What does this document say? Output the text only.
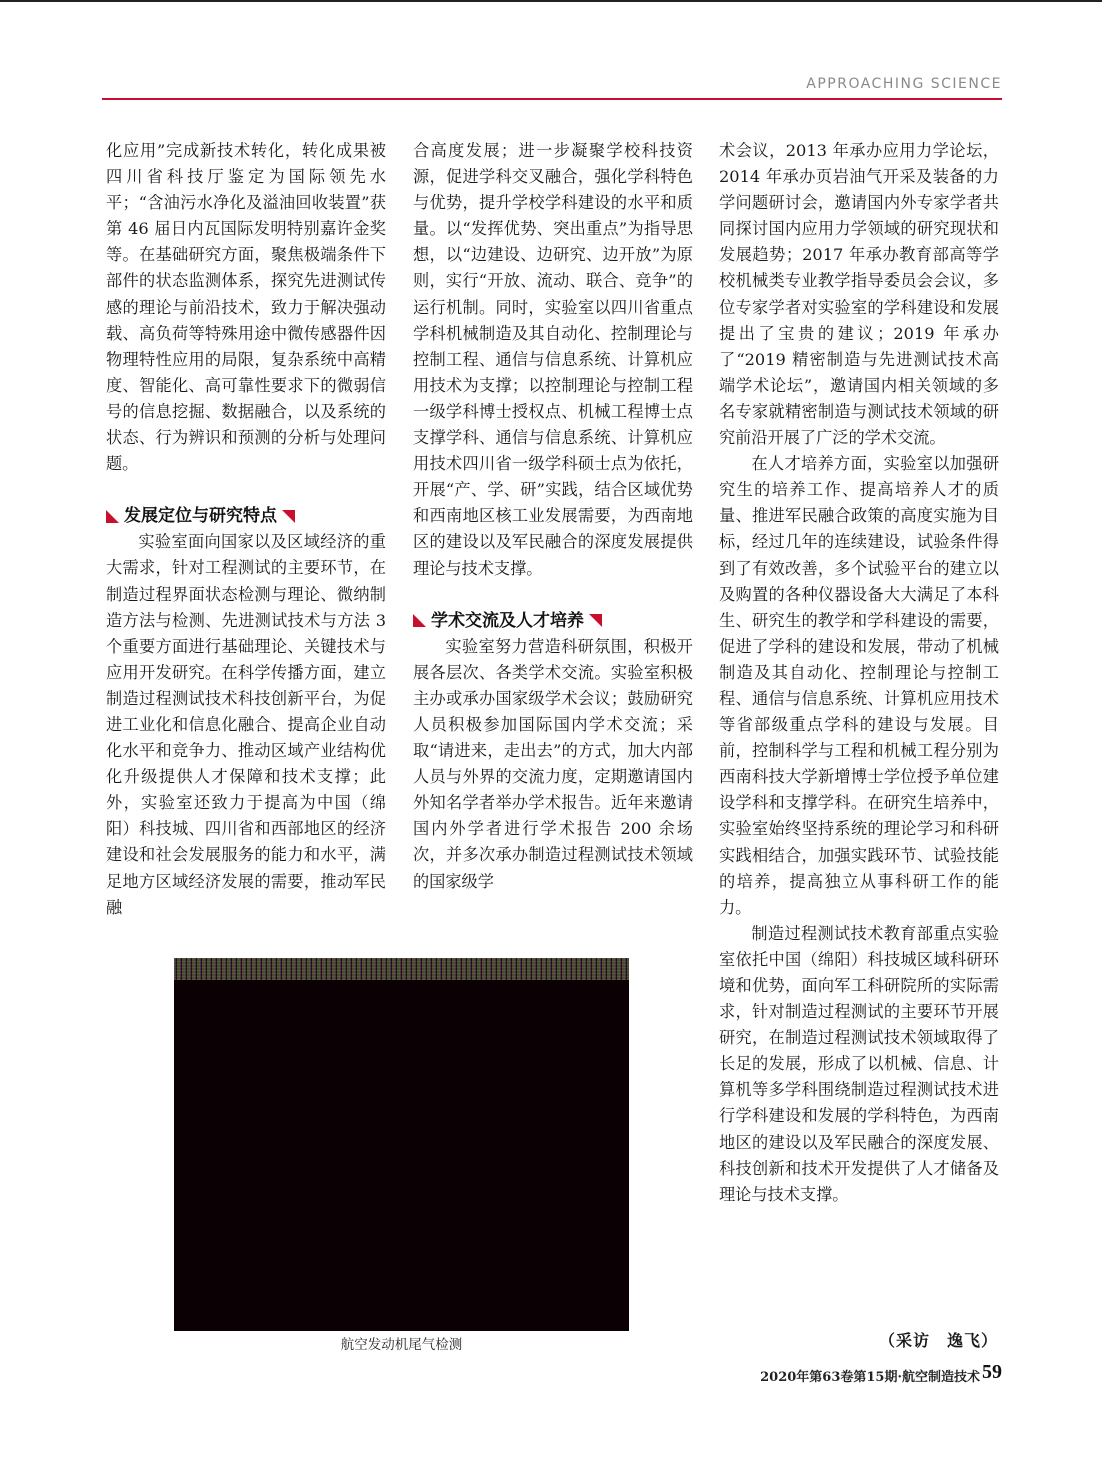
APPROACHING SCIENCE

化应用”完成新技术转化，转化成果被四川省科技厅鉴定为国际领先水平；“含油污水净化及溢油回收装置”获第 46 届日内瓦国际发明特别嘉许金奖等。在基础研究方面，聚焦极端条件下部件的状态监测体系，探究先进测试传感的理论与前沿技术，致力于解决强动载、高负荷等特殊用途中微传感器件因物理特性应用的局限，复杂系统中高精度、智能化、高可靠性要求下的微弱信号的信息挖掘、数据融合，以及系统的状态、行为辨识和预测的分析与处理问题。

发展定位与研究特点

实验室面向国家以及区域经济的重大需求，针对工程测试的主要环节，在制造过程界面状态检测与理论、微纳制造方法与检测、先进测试技术与方法 3 个重要方面进行基础理论、关键技术与应用开发研究。在科学传播方面，建立制造过程测试技术科技创新平台，为促进工业化和信息化融合、提高企业自动化水平和竞争力、推动区域产业结构优化升级提供人才保障和技术支撑；此外，实验室还致力于提高为中国（绵阳）科技城、四川省和西部地区的经济建设和社会发展服务的能力和水平，满足地方区域经济发展的需要，推动军民融

合高度发展；进一步凝聚学校科技资源，促进学科交叉融合，强化学科特色与优势，提升学校学科建设的水平和质量。以“发挥优势、突出重点”为指导思想，以“边建设、边研究、边开放”为原则，实行“开放、流动、联合、竞争”的运行机制。同时，实验室以四川省重点学科机械制造及其自动化、控制理论与控制工程、通信与信息系统、计算机应用技术为支撑；以控制理论与控制工程一级学科博士授权点、机械工程博士点支撑学科、通信与信息系统、计算机应用技术四川省一级学科硕士点为依托，开展“产、学、研”实践，结合区域优势和西南地区核工业发展需要，为西南地区的建设以及军民融合的深度发展提供理论与技术支撑。

学术交流及人才培养

实验室努力营造科研氛围，积极开展各层次、各类学术交流。实验室积极主办或承办国家级学术会议；鼓励研究人员积极参加国际国内学术交流；采取“请进来，走出去”的方式，加大内部人员与外界的交流力度，定期邀请国内外知名学者举办学术报告。近年来邀请国内外学者进行学术报告 200 余场次，并多次承办制造过程测试技术领域的国家级学

术会议，2013 年承办应用力学论坛，2014 年承办页岩油气开采及装备的力学问题研讨会，邀请国内外专家学者共同探讨国内应用力学领域的研究现状和发展趋势；2017 年承办教育部高等学校机械类专业教学指导委员会会议，多位专家学者对实验室的学科建设和发展提出了宝贵的建议；2019 年承办了“2019 精密制造与先进测试技术高端学术论坛”，邀请国内相关领域的多名专家就精密制造与测试技术领域的研究前沿开展了广泛的学术交流。

在人才培养方面，实验室以加强研究生的培养工作、提高培养人才的质量、推进军民融合政策的高度实施为目标，经过几年的连续建设，试验条件得到了有效改善，多个试验平台的建立以及购置的各种仪器设备大大满足了本科生、研究生的教学和学科建设的需要，促进了学科的建设和发展，带动了机械制造及其自动化、控制理论与控制工程、通信与信息系统、计算机应用技术等省部级重点学科的建设与发展。目前，控制科学与工程和机械工程分别为西南科技大学新增博士学位授予单位建设学科和支撑学科。在研究生培养中，实验室始终坚持系统的理论学习和科研实践相结合，加强实践环节、试验技能的培养，提高独立从事科研工作的能力。

制造过程测试技术教育部重点实验室依托中国（绵阳）科技城区域科研环境和优势，面向军工科研院所的实际需求，针对制造过程测试的主要环节开展研究，在制造过程测试技术领域取得了长足的发展，形成了以机械、信息、计算机等多学科围绕制造过程测试技术进行学科建设和发展的学科特色，为西南地区的建设以及军民融合的深度发展、科技创新和技术开发提供了人才储备及理论与技术支撑。

航空发动机尾气检测	（采访　逸飞）
2020年第63卷第15期·航空制造技术 59
